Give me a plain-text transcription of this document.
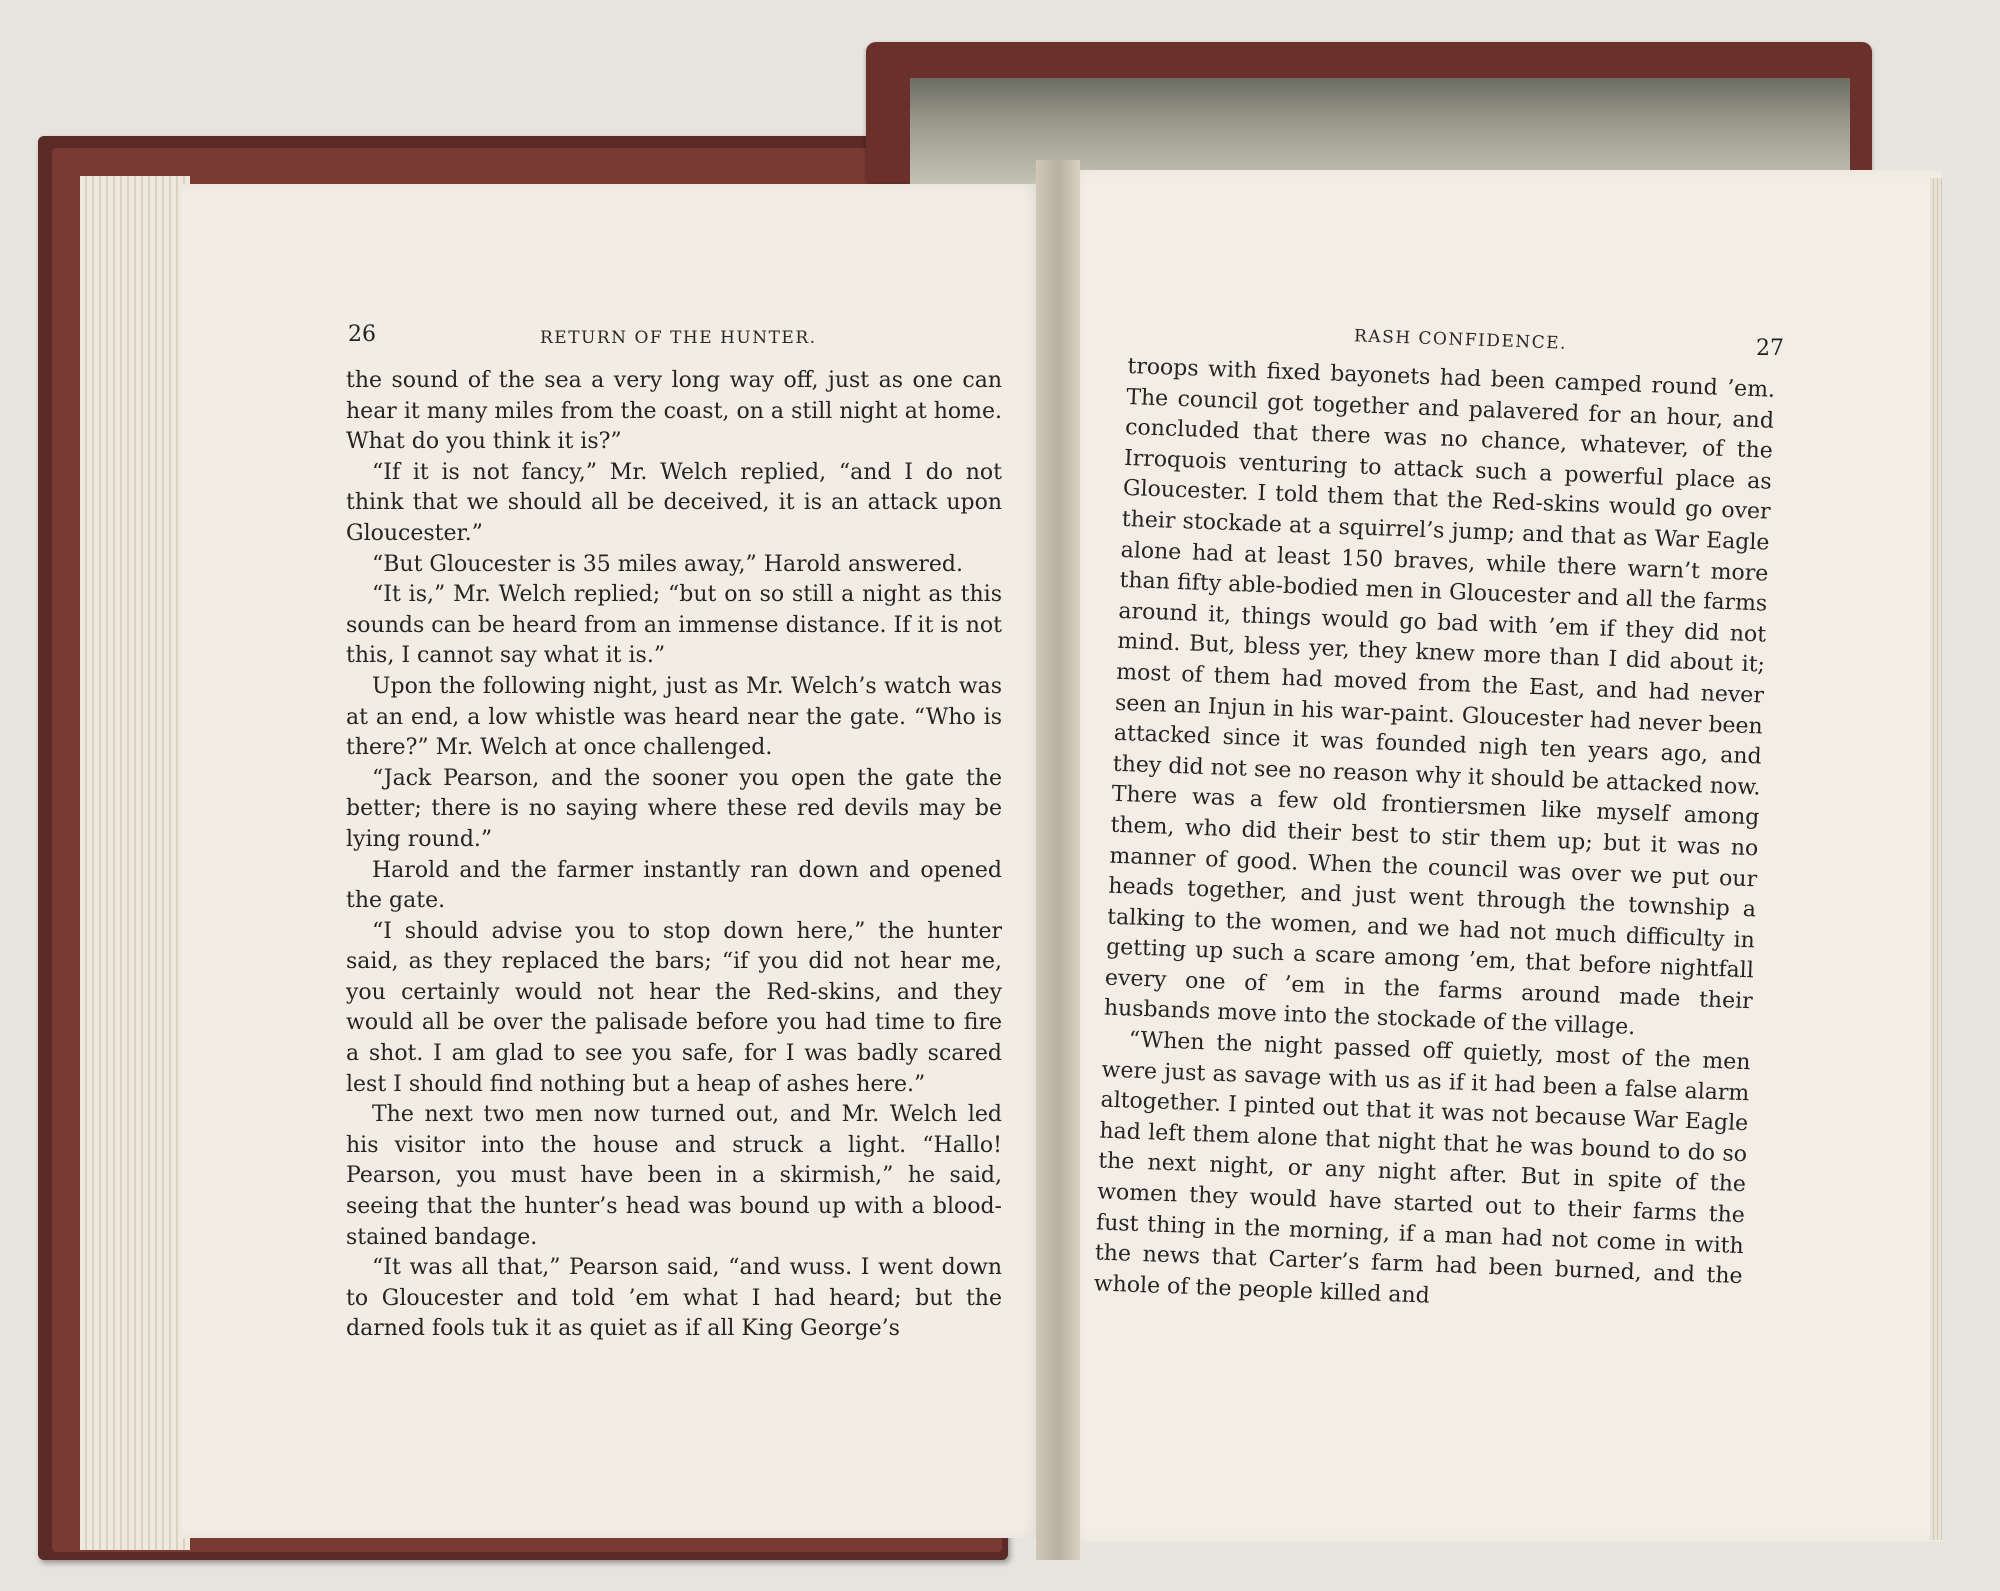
26	RETURN OF THE HUNTER.	RASH CONFIDENCE.	27

the sound of the sea a very long way off, just as one can hear it many miles from the coast, on a still night at home. What do you think it is?”

“If it is not fancy,” Mr. Welch replied, “and I do not think that we should all be deceived, it is an attack upon Gloucester.”

“But Gloucester is 35 miles away,” Harold answered.

“It is,” Mr. Welch replied; “but on so still a night as this sounds can be heard from an immense distance. If it is not this, I cannot say what it is.”

Upon the following night, just as Mr. Welch’s watch was at an end, a low whistle was heard near the gate. “Who is there?” Mr. Welch at once challenged.

“Jack Pearson, and the sooner you open the gate the better; there is no saying where these red devils may be lying round.”

Harold and the farmer instantly ran down and opened the gate.

“I should advise you to stop down here,” the hunter said, as they replaced the bars; “if you did not hear me, you certainly would not hear the Red-skins, and they would all be over the palisade before you had time to fire a shot. I am glad to see you safe, for I was badly scared lest I should find nothing but a heap of ashes here.”

The next two men now turned out, and Mr. Welch led his visitor into the house and struck a light. “Hallo! Pearson, you must have been in a skirmish,” he said, seeing that the hunter’s head was bound up with a blood-stained bandage.

“It was all that,” Pearson said, “and wuss. I went down to Gloucester and told ’em what I had heard; but the darned fools tuk it as quiet as if all King George’s

troops with fixed bayonets had been camped round ’em. The council got together and palavered for an hour, and concluded that there was no chance, whatever, of the Irroquois venturing to attack such a powerful place as Gloucester. I told them that the Red-skins would go over their stockade at a squirrel’s jump; and that as War Eagle alone had at least 150 braves, while there warn’t more than fifty able-bodied men in Gloucester and all the farms around it, things would go bad with ’em if they did not mind. But, bless yer, they knew more than I did about it; most of them had moved from the East, and had never seen an Injun in his war-paint. Gloucester had never been attacked since it was founded nigh ten years ago, and they did not see no reason why it should be attacked now. There was a few old frontiersmen like myself among them, who did their best to stir them up; but it was no manner of good. When the council was over we put our heads together, and just went through the township a talking to the women, and we had not much difficulty in getting up such a scare among ’em, that before nightfall every one of ’em in the farms around made their husbands move into the stockade of the village.

“When the night passed off quietly, most of the men were just as savage with us as if it had been a false alarm altogether. I pinted out that it was not because War Eagle had left them alone that night that he was bound to do so the next night, or any night after. But in spite of the women they would have started out to their farms the fust thing in the morning, if a man had not come in with the news that Carter’s farm had been burned, and the whole of the people killed and
